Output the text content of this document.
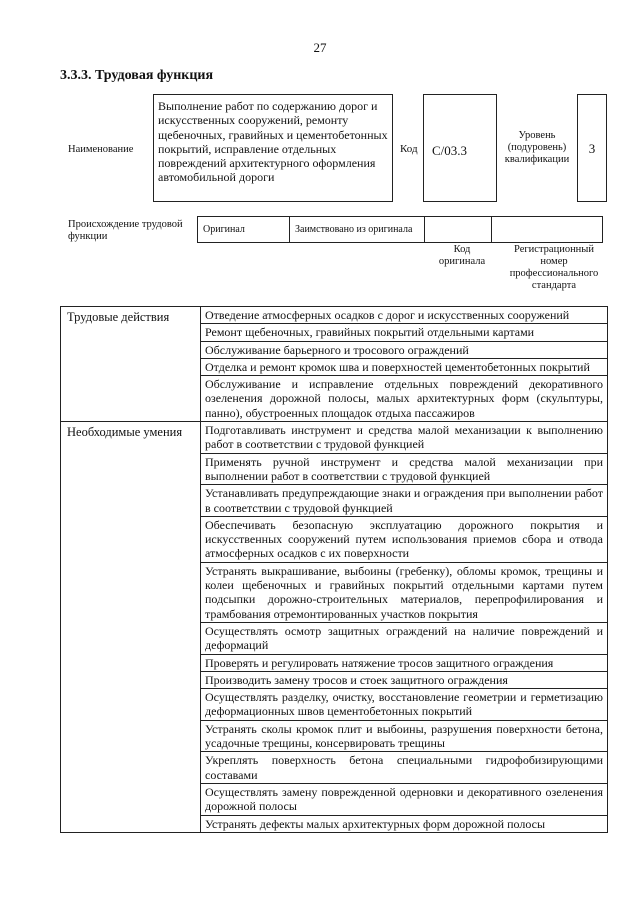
27
3.3.3. Трудовая функция
Наименование
Выполнение работ по содержанию дорог и искусственных сооружений, ремонту щебеночных, гравийных и цементобетонных покрытий, исправление отдельных повреждений архитектурного оформления автомобильной дороги
Код	С/03.3
Уровень (подуровень) квалификации
3
Происхождение трудовой функции
Оригинал	Заимствовано из оригинала		
Код оригинала
Регистрационный номер профессионального стандарта
Трудовые действия	Отведение атмосферных осадков с дорог и искусственных сооружений
	Ремонт щебеночных, гравийных покрытий отдельными картами
	Обслуживание барьерного и тросового ограждений
	Отделка и ремонт кромок шва и поверхностей цементобетонных покрытий
	Обслуживание и исправление отдельных повреждений декоративного озеленения дорожной полосы, малых архитектурных форм (скульптуры, панно), обустроенных площадок отдыха пассажиров
Необходимые умения	Подготавливать инструмент и средства малой механизации к выполнению работ в соответствии с трудовой функцией
	Применять ручной инструмент и средства малой механизации при выполнении работ в соответствии с трудовой функцией
	Устанавливать предупреждающие знаки и ограждения при выполнении работ в соответствии с трудовой функцией
	Обеспечивать безопасную эксплуатацию дорожного покрытия и искусственных сооружений путем использования приемов сбора и отвода атмосферных осадков с их поверхности
	Устранять выкрашивание, выбоины (гребенку), обломы кромок, трещины и колеи щебеночных и гравийных покрытий отдельными картами путем подсыпки дорожно-строительных материалов, перепрофилирования и трамбования отремонтированных участков покрытия
	Осуществлять осмотр защитных ограждений на наличие повреждений и деформаций
	Проверять и регулировать натяжение тросов защитного ограждения
	Производить замену тросов и стоек защитного ограждения
	Осуществлять разделку, очистку, восстановление геометрии и герметизацию деформационных швов цементобетонных покрытий
	Устранять сколы кромок плит и выбоины, разрушения поверхности бетона, усадочные трещины, консервировать трещины
	Укреплять поверхность бетона специальными гидрофобизирующими составами
	Осуществлять замену поврежденной одерновки и декоративного озеленения дорожной полосы
	Устранять дефекты малых архитектурных форм дорожной полосы
